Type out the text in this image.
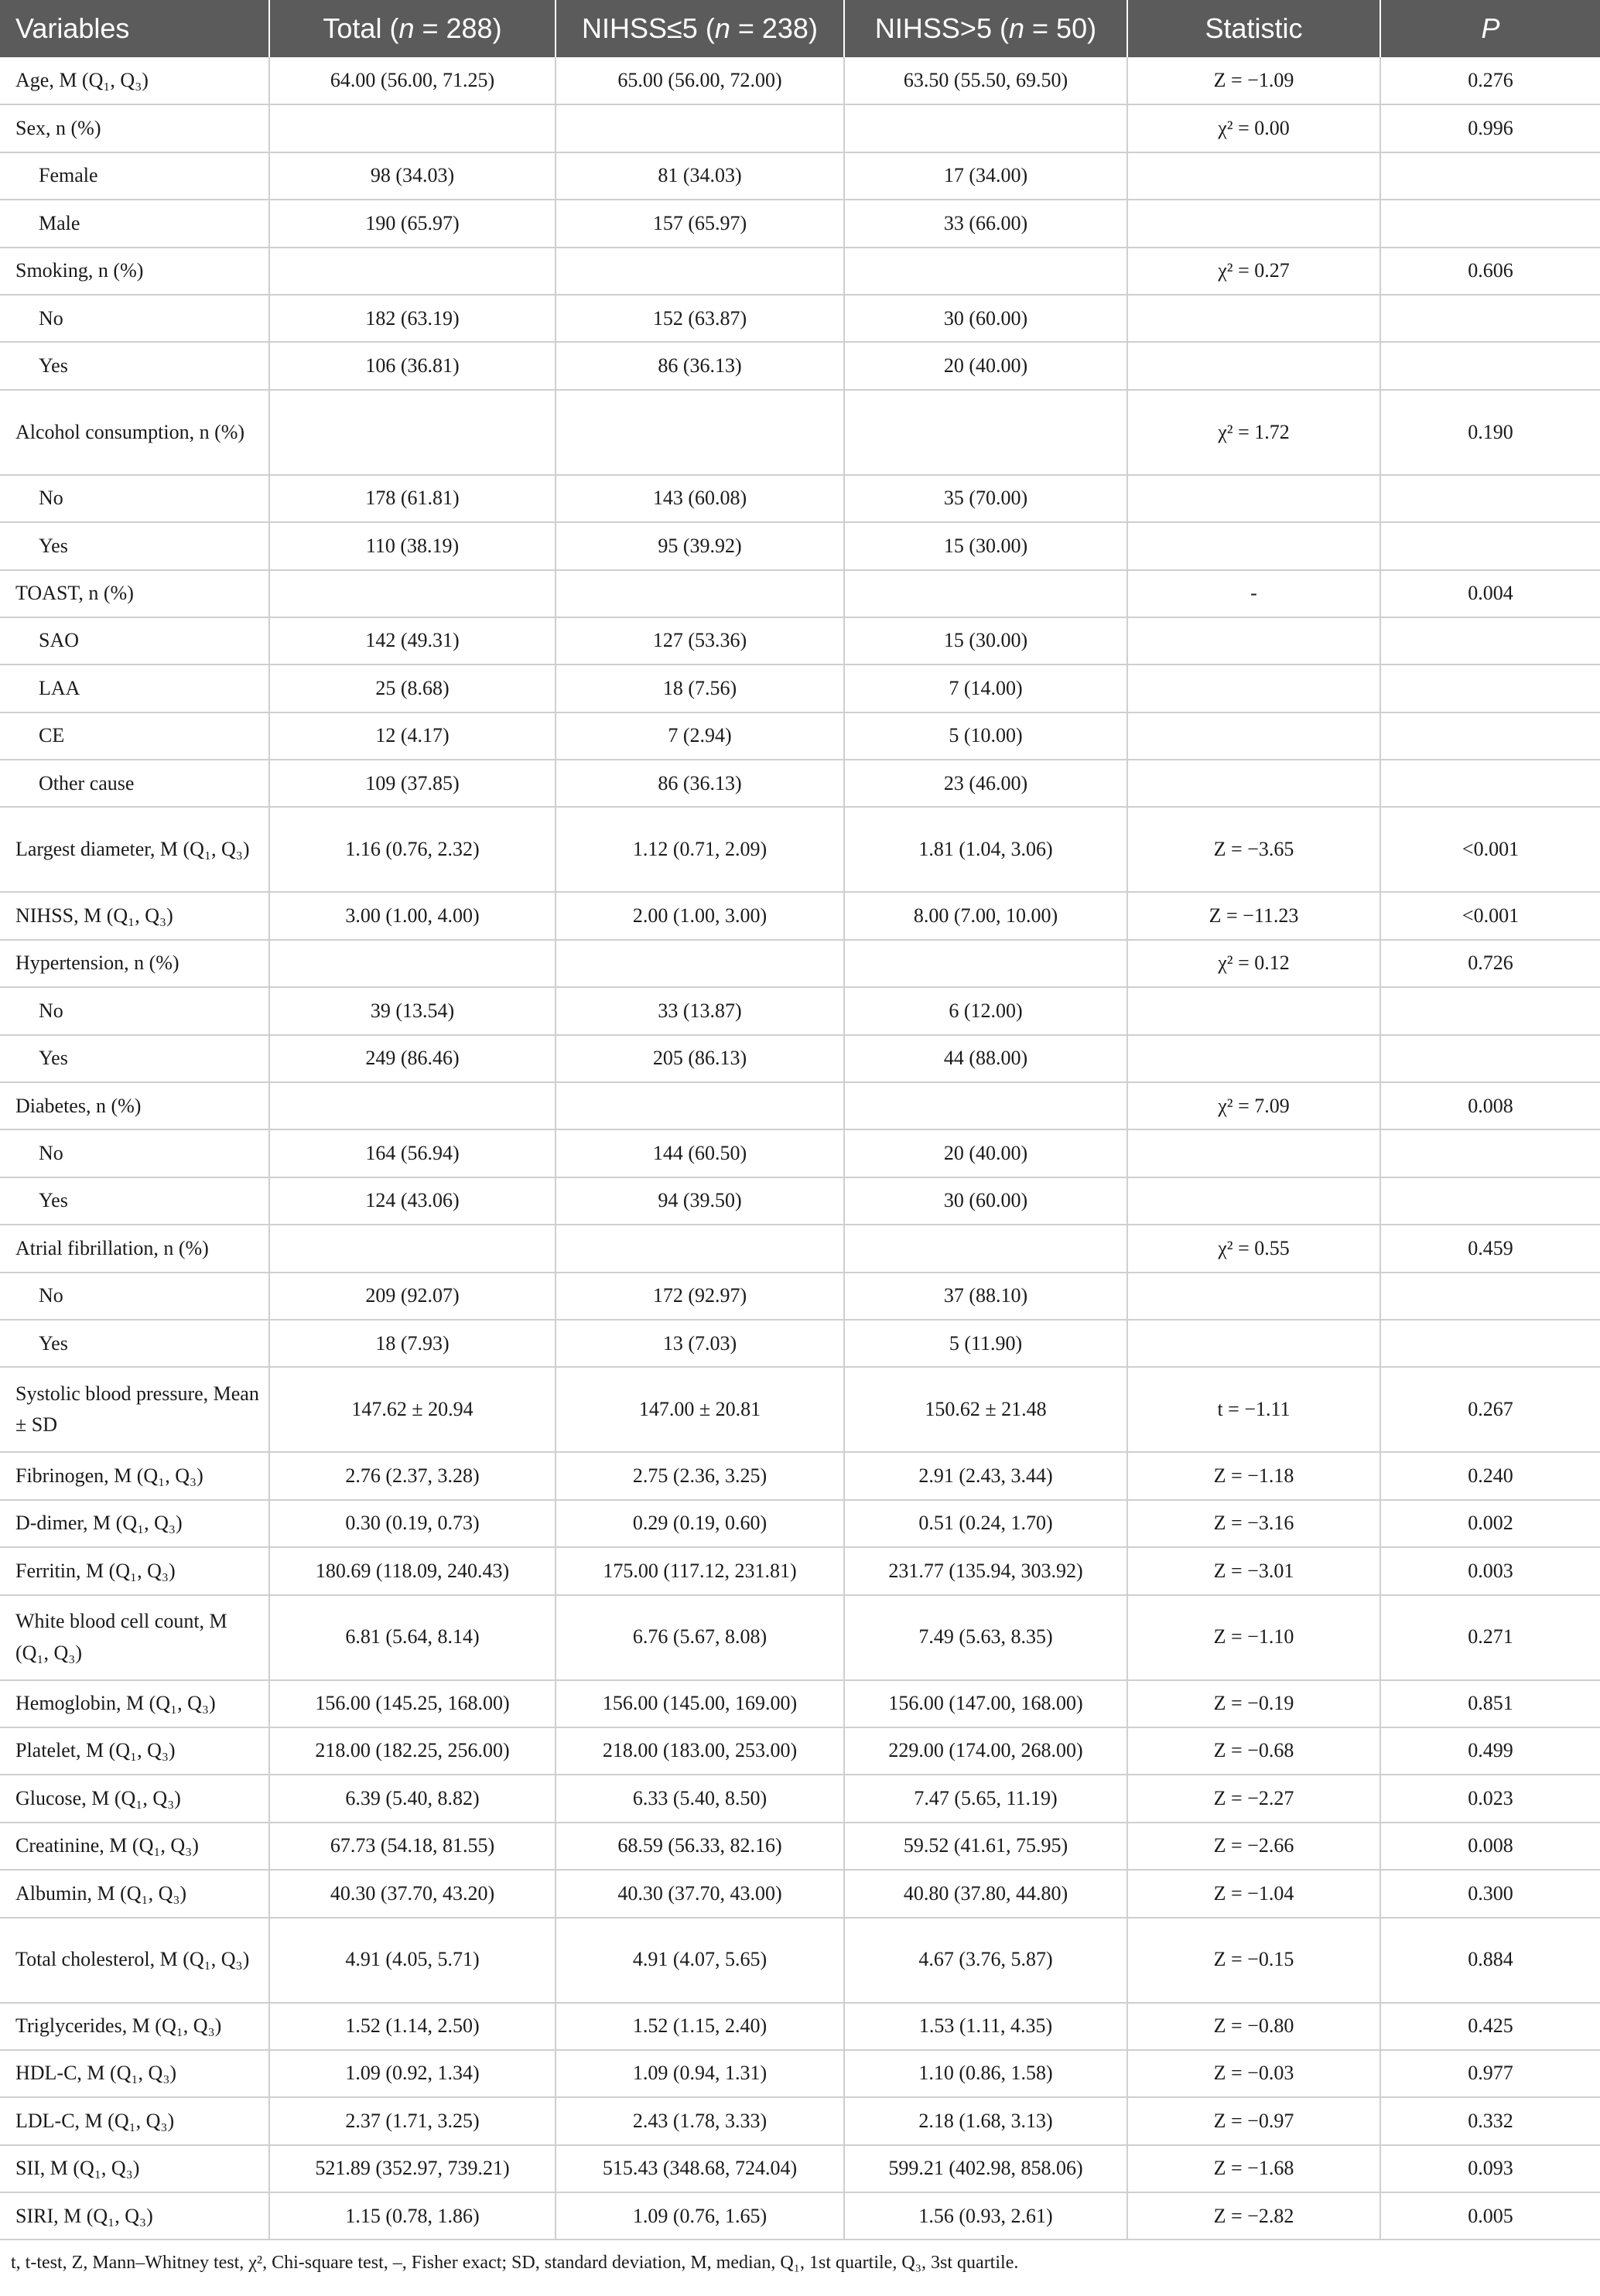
Variables	Total (n = 288)	NIHSS≤5 (n = 238)	NIHSS>5 (n = 50)	Statistic	P
Age, M (Q₁, Q₃)	64.00 (56.00, 71.25)	65.00 (56.00, 72.00)	63.50 (55.50, 69.50)	Z = −1.09	0.276
Sex, n (%)				χ² = 0.00	0.996
Female	98 (34.03)	81 (34.03)	17 (34.00)		
Male	190 (65.97)	157 (65.97)	33 (66.00)		
Smoking, n (%)				χ² = 0.27	0.606
No	182 (63.19)	152 (63.87)	30 (60.00)		
Yes	106 (36.81)	86 (36.13)	20 (40.00)		
Alcohol consumption, n (%)				χ² = 1.72	0.190
No	178 (61.81)	143 (60.08)	35 (70.00)		
Yes	110 (38.19)	95 (39.92)	15 (30.00)		
TOAST, n (%)				-	0.004
SAO	142 (49.31)	127 (53.36)	15 (30.00)		
LAA	25 (8.68)	18 (7.56)	7 (14.00)		
CE	12 (4.17)	7 (2.94)	5 (10.00)		
Other cause	109 (37.85)	86 (36.13)	23 (46.00)		
Largest diameter, M (Q₁, Q₃)	1.16 (0.76, 2.32)	1.12 (0.71, 2.09)	1.81 (1.04, 3.06)	Z = −3.65	<0.001
NIHSS, M (Q₁, Q₃)	3.00 (1.00, 4.00)	2.00 (1.00, 3.00)	8.00 (7.00, 10.00)	Z = −11.23	<0.001
Hypertension, n (%)				χ² = 0.12	0.726
No	39 (13.54)	33 (13.87)	6 (12.00)		
Yes	249 (86.46)	205 (86.13)	44 (88.00)		
Diabetes, n (%)				χ² = 7.09	0.008
No	164 (56.94)	144 (60.50)	20 (40.00)		
Yes	124 (43.06)	94 (39.50)	30 (60.00)		
Atrial fibrillation, n (%)				χ² = 0.55	0.459
No	209 (92.07)	172 (92.97)	37 (88.10)		
Yes	18 (7.93)	13 (7.03)	5 (11.90)		
Systolic blood pressure, Mean ± SD	147.62 ± 20.94	147.00 ± 20.81	150.62 ± 21.48	t = −1.11	0.267
Fibrinogen, M (Q₁, Q₃)	2.76 (2.37, 3.28)	2.75 (2.36, 3.25)	2.91 (2.43, 3.44)	Z = −1.18	0.240
D-dimer, M (Q₁, Q₃)	0.30 (0.19, 0.73)	0.29 (0.19, 0.60)	0.51 (0.24, 1.70)	Z = −3.16	0.002
Ferritin, M (Q₁, Q₃)	180.69 (118.09, 240.43)	175.00 (117.12, 231.81)	231.77 (135.94, 303.92)	Z = −3.01	0.003
White blood cell count, M (Q₁, Q₃)	6.81 (5.64, 8.14)	6.76 (5.67, 8.08)	7.49 (5.63, 8.35)	Z = −1.10	0.271
Hemoglobin, M (Q₁, Q₃)	156.00 (145.25, 168.00)	156.00 (145.00, 169.00)	156.00 (147.00, 168.00)	Z = −0.19	0.851
Platelet, M (Q₁, Q₃)	218.00 (182.25, 256.00)	218.00 (183.00, 253.00)	229.00 (174.00, 268.00)	Z = −0.68	0.499
Glucose, M (Q₁, Q₃)	6.39 (5.40, 8.82)	6.33 (5.40, 8.50)	7.47 (5.65, 11.19)	Z = −2.27	0.023
Creatinine, M (Q₁, Q₃)	67.73 (54.18, 81.55)	68.59 (56.33, 82.16)	59.52 (41.61, 75.95)	Z = −2.66	0.008
Albumin, M (Q₁, Q₃)	40.30 (37.70, 43.20)	40.30 (37.70, 43.00)	40.80 (37.80, 44.80)	Z = −1.04	0.300
Total cholesterol, M (Q₁, Q₃)	4.91 (4.05, 5.71)	4.91 (4.07, 5.65)	4.67 (3.76, 5.87)	Z = −0.15	0.884
Triglycerides, M (Q₁, Q₃)	1.52 (1.14, 2.50)	1.52 (1.15, 2.40)	1.53 (1.11, 4.35)	Z = −0.80	0.425
HDL-C, M (Q₁, Q₃)	1.09 (0.92, 1.34)	1.09 (0.94, 1.31)	1.10 (0.86, 1.58)	Z = −0.03	0.977
LDL-C, M (Q₁, Q₃)	2.37 (1.71, 3.25)	2.43 (1.78, 3.33)	2.18 (1.68, 3.13)	Z = −0.97	0.332
SII, M (Q₁, Q₃)	521.89 (352.97, 739.21)	515.43 (348.68, 724.04)	599.21 (402.98, 858.06)	Z = −1.68	0.093
SIRI, M (Q₁, Q₃)	1.15 (0.78, 1.86)	1.09 (0.76, 1.65)	1.56 (0.93, 2.61)	Z = −2.82	0.005
t, t-test, Z, Mann–Whitney test, χ², Chi-square test, –, Fisher exact; SD, standard deviation, M, median, Q₁, 1st quartile, Q₃, 3st quartile.
